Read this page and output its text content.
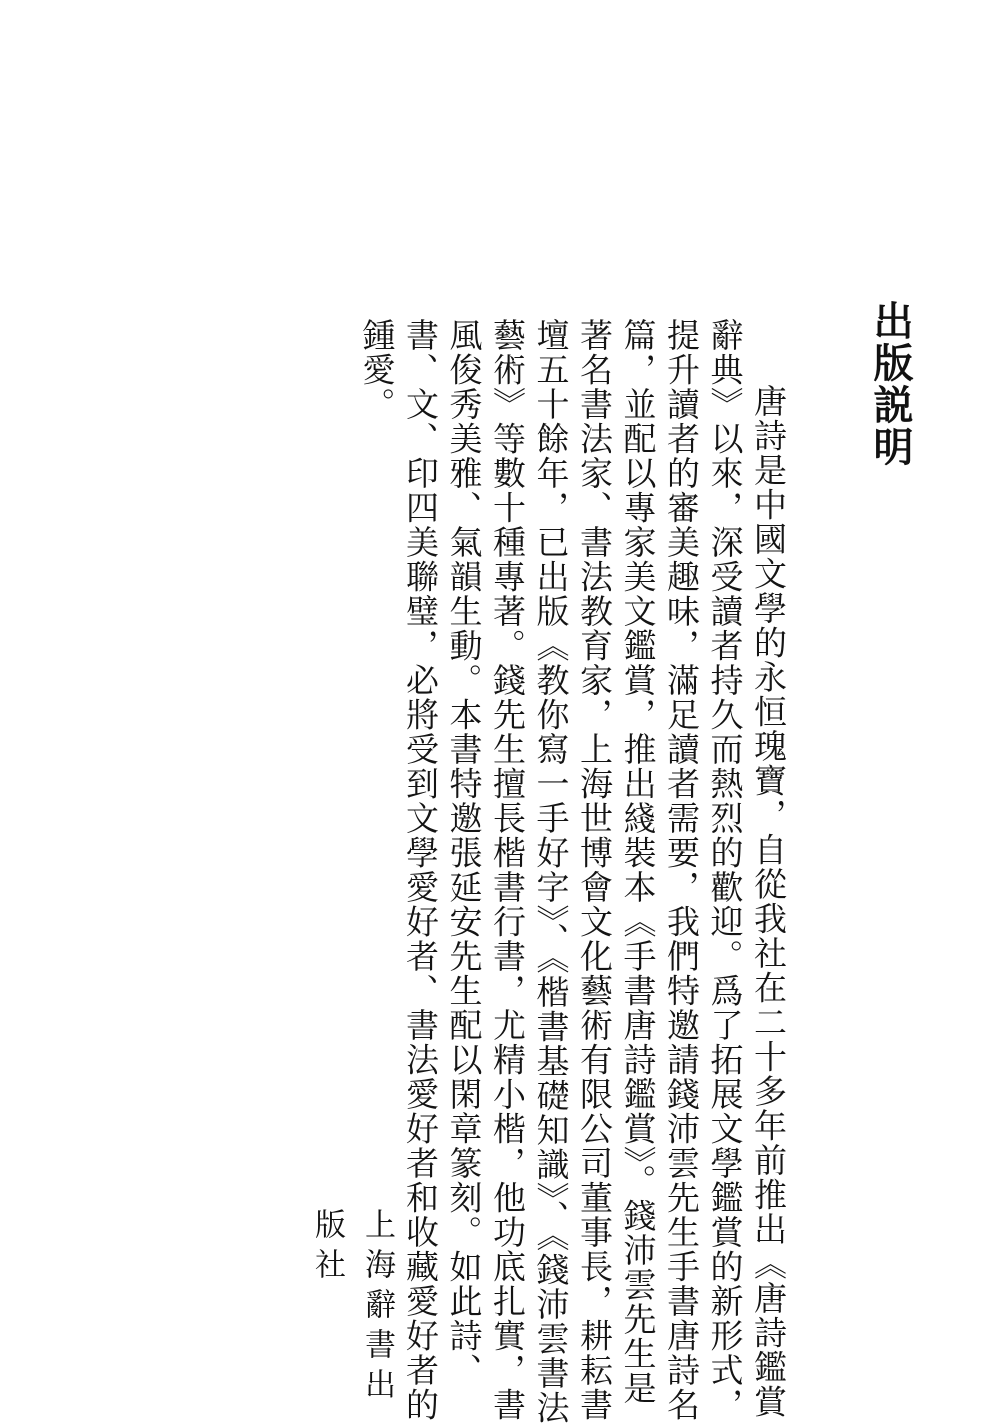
出版説明

唐詩是中國文學的永恒瑰寶，自從我社在二十多年前推出《唐詩鑑賞辭典》以來，深受讀者持久而熱烈的歡迎。爲了拓展文學鑑賞的新形式，提升讀者的審美趣味，滿足讀者需要，我們特邀請錢沛雲先生手書唐詩名篇，並配以專家美文鑑賞，推出綫裝本《手書唐詩鑑賞》。錢沛雲先生是著名書法家、書法教育家，上海世博會文化藝術有限公司董事長，耕耘書壇五十餘年，已出版《教你寫一手好字》、《楷書基礎知識》、《錢沛雲書法藝術》等數十種專著。錢先生擅長楷書行書，尤精小楷，他功底扎實，書風俊秀美雅、氣韻生動。本書特邀張延安先生配以閑章篆刻。如此詩、書、文、印四美聯璧，必將受到文學愛好者、書法愛好者和收藏愛好者的鍾愛。

上海辭書出版社
